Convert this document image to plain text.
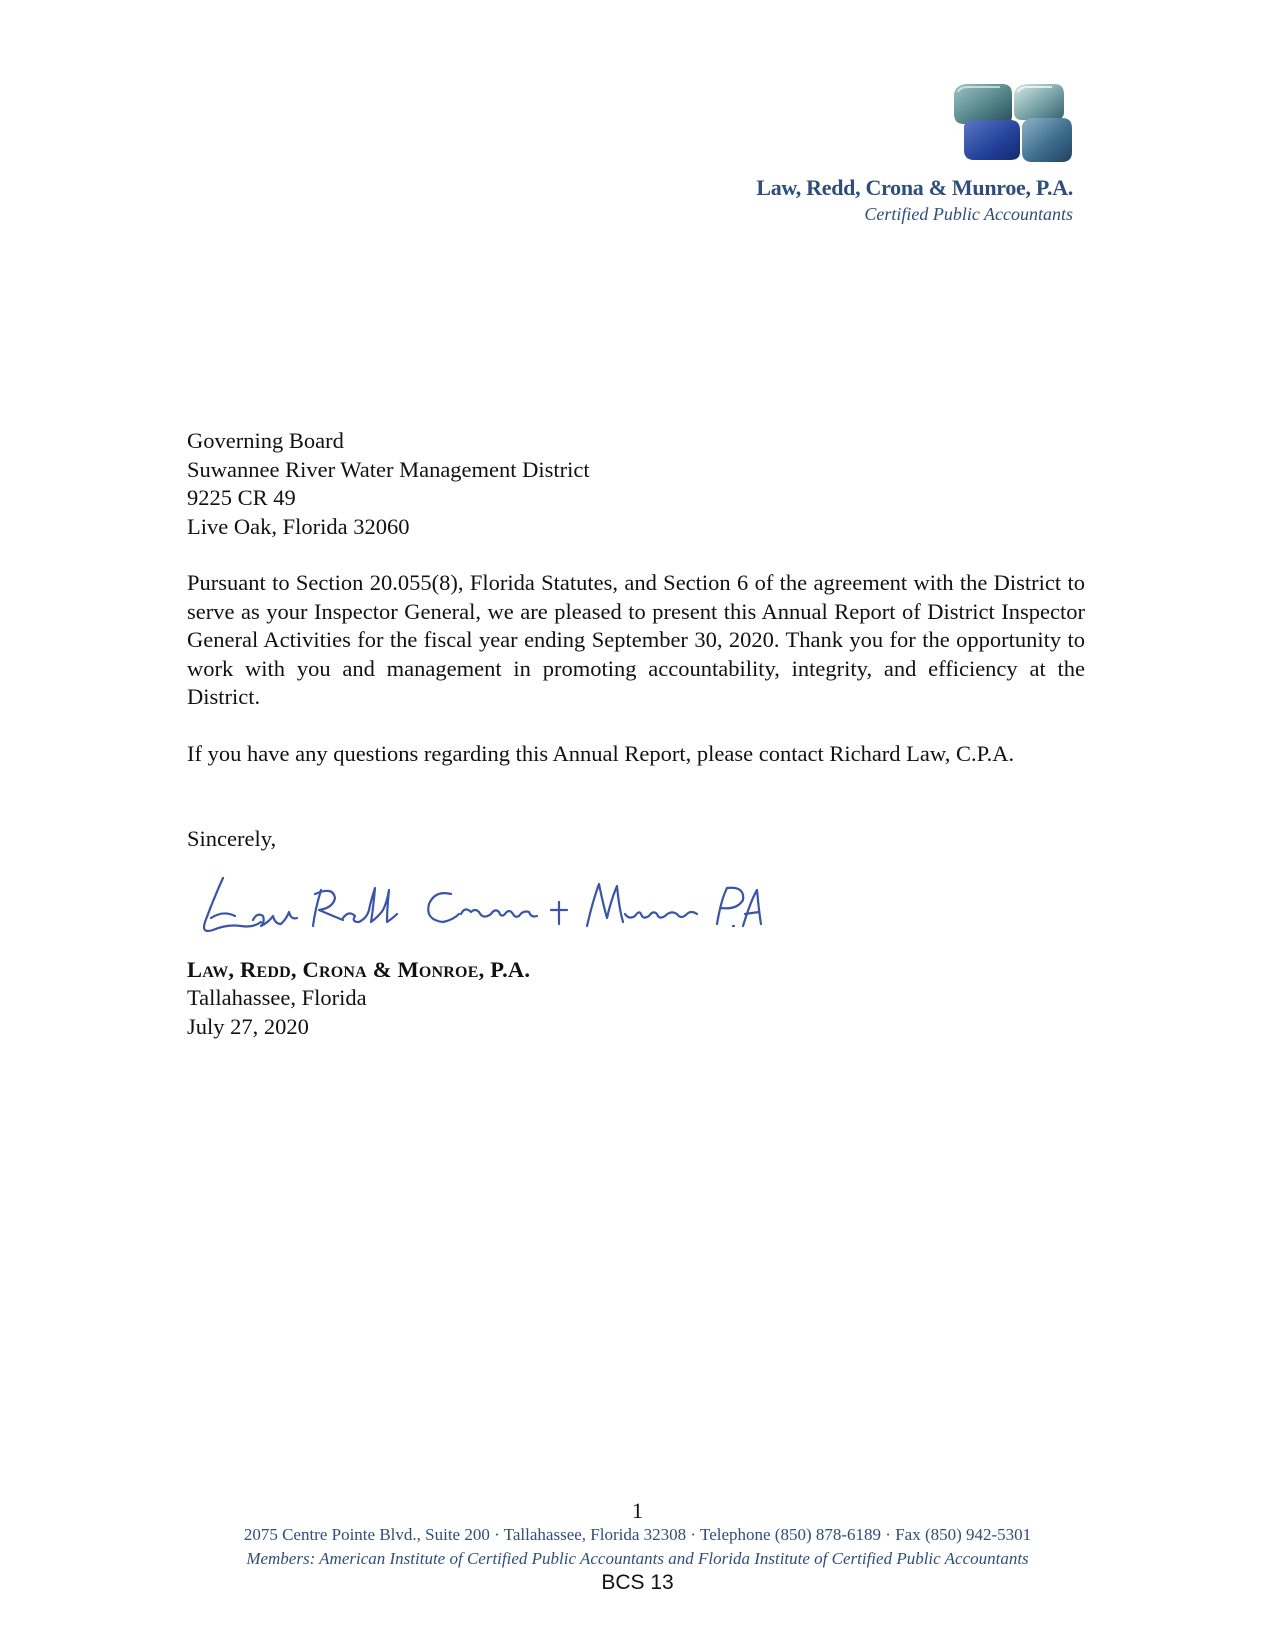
Law, Redd, Crona & Munroe, P.A.
Certified Public Accountants

Governing Board

Suwannee River Water Management District

9225 CR 49

Live Oak, Florida 32060

Pursuant to Section 20.055(8), Florida Statutes, and Section 6 of the agreement with the District to serve as your Inspector General, we are pleased to present this Annual Report of District Inspector General Activities for the fiscal year ending September 30, 2020. Thank you for the opportunity to work with you and management in promoting accountability, integrity, and efficiency at the District.

If you have any questions regarding this Annual Report, please contact Richard Law, C.P.A.

Sincerely,

Law, Redd, Crona & Monroe, P.A.

Tallahassee, Florida

July 27, 2020

1
2075 Centre Pointe Blvd., Suite 200 · Tallahassee, Florida 32308 · Telephone (850) 878-6189 · Fax (850) 942-5301
Members: American Institute of Certified Public Accountants and Florida Institute of Certified Public Accountants
BCS 13
